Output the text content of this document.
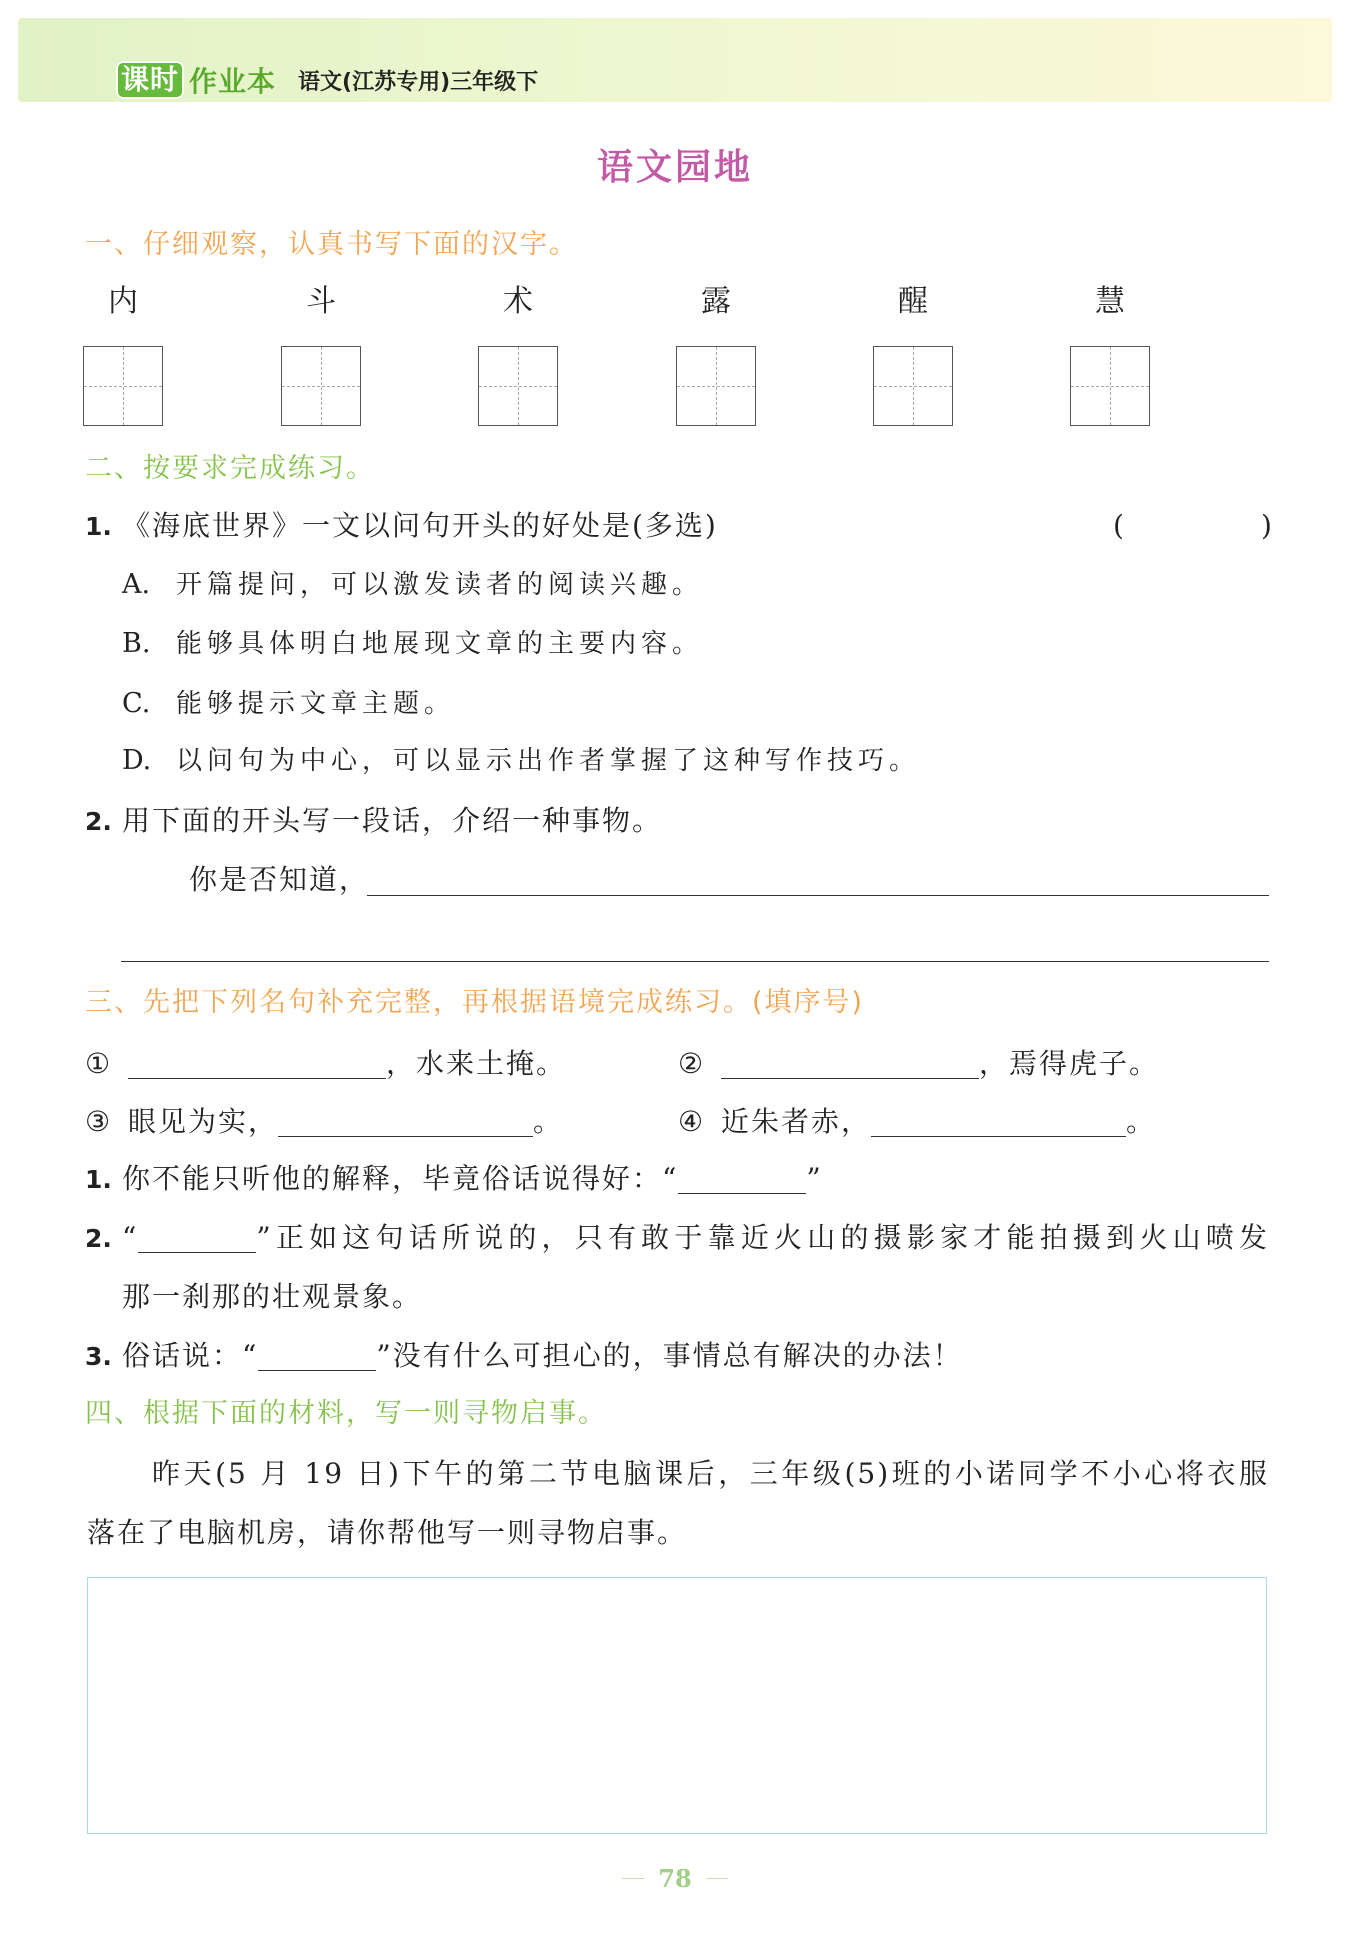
课时 作业本 语文(江苏专用)三年级下
语文园地
一、仔细观察，认真书写下面的汉字。
内	斗	术	露	醒	慧
二、按要求完成练习。
1. 《海底世界》一文以问句开头的好处是(多选)	(	)
A. 开篇提问，可以激发读者的阅读兴趣。
B. 能够具体明白地展现文章的主要内容。
C. 能够提示文章主题。
D. 以问句为中心，可以显示出作者掌握了这种写作技巧。
2. 用下面的开头写一段话，介绍一种事物。
你是否知道，
三、先把下列名句补充完整，再根据语境完成练习。(填序号)
①	，水来土掩。	②	，焉得虎子。
③ 眼见为实，	。	④ 近朱者赤，	。
1. 你不能只听他的解释，毕竟俗话说得好：“	”
2. “	”正如这句话所说的，只有敢于靠近火山的摄影家才能拍摄到火山喷发
那一刹那的壮观景象。
3. 俗话说：“	”没有什么可担心的，事情总有解决的办法！
四、根据下面的材料，写一则寻物启事。
昨天(5 月 19 日)下午的第二节电脑课后，三年级(5)班的小诺同学不小心将衣服
落在了电脑机房，请你帮他写一则寻物启事。
78
